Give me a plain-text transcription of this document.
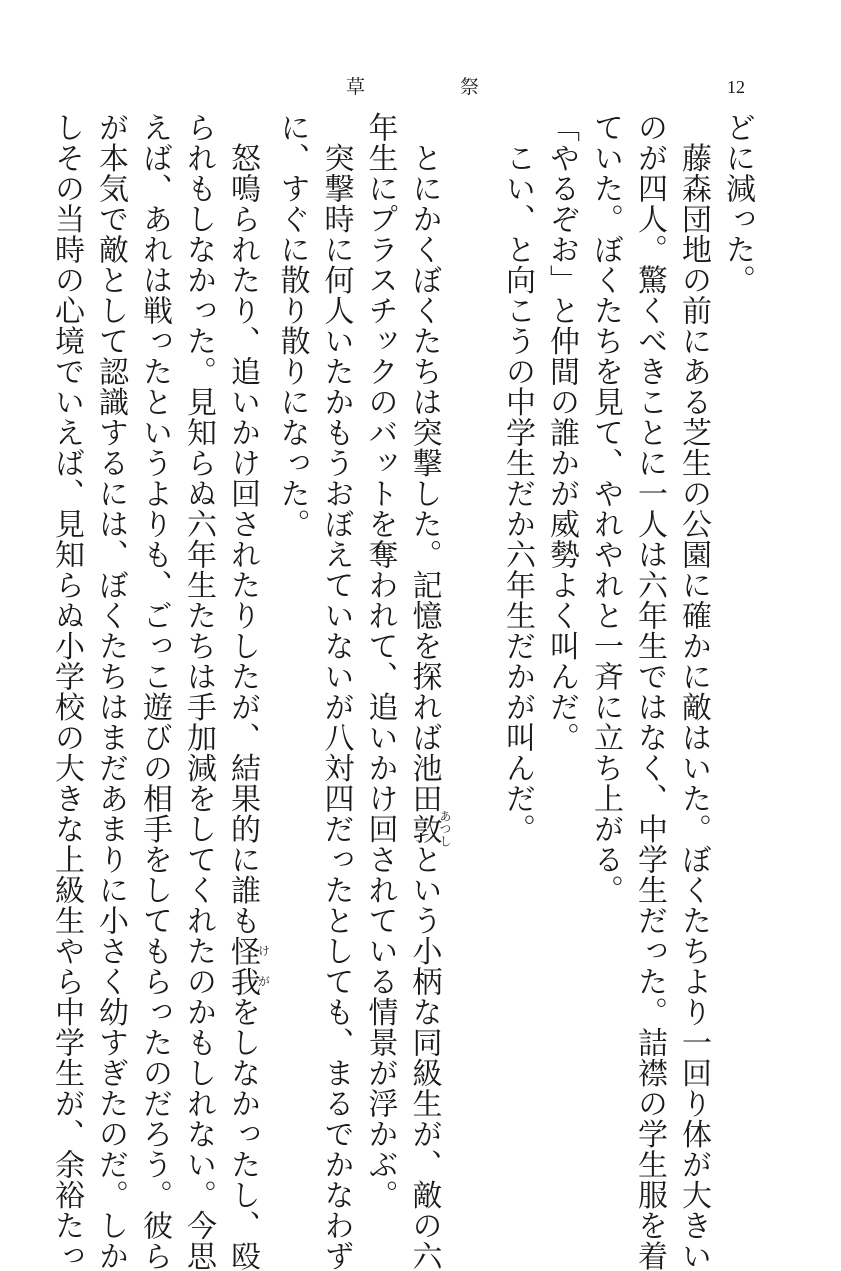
草	祭	12
どに減った。
　藤森団地の前にある芝生の公園に確かに敵はいた。ぼくたちより一回り体が大きい
のが四人。驚くべきことに一人は六年生ではなく、中学生だった。詰襟の学生服を着
ていた。ぼくたちを見て、やれやれと一斉に立ち上がる。
「やるぞお」と仲間の誰かが威勢よく叫んだ。
　こい、と向こうの中学生だか六年生だかが叫んだ。
　とにかくぼくたちは突撃した。記憶を探れば池田敦あつしという小柄な同級生が、敵の六
年生にプラスチックのバットを奪われて、追いかけ回されている情景が浮かぶ。
　突撃時に何人いたかもうおぼえていないが八対四だったとしても、まるでかなわず
に、すぐに散り散りになった。
　怒鳴られたり、追いかけ回されたりしたが、結果的に誰も怪我けがをしなかったし、殴
られもしなかった。見知らぬ六年生たちは手加減をしてくれたのかもしれない。今思
えば、あれは戦ったというよりも、ごっこ遊びの相手をしてもらったのだろう。彼ら
が本気で敵として認識するには、ぼくたちはまだあまりに小さく幼すぎたのだ。しか
しその当時の心境でいえば、見知らぬ小学校の大きな上級生やら中学生が、余裕たっ
